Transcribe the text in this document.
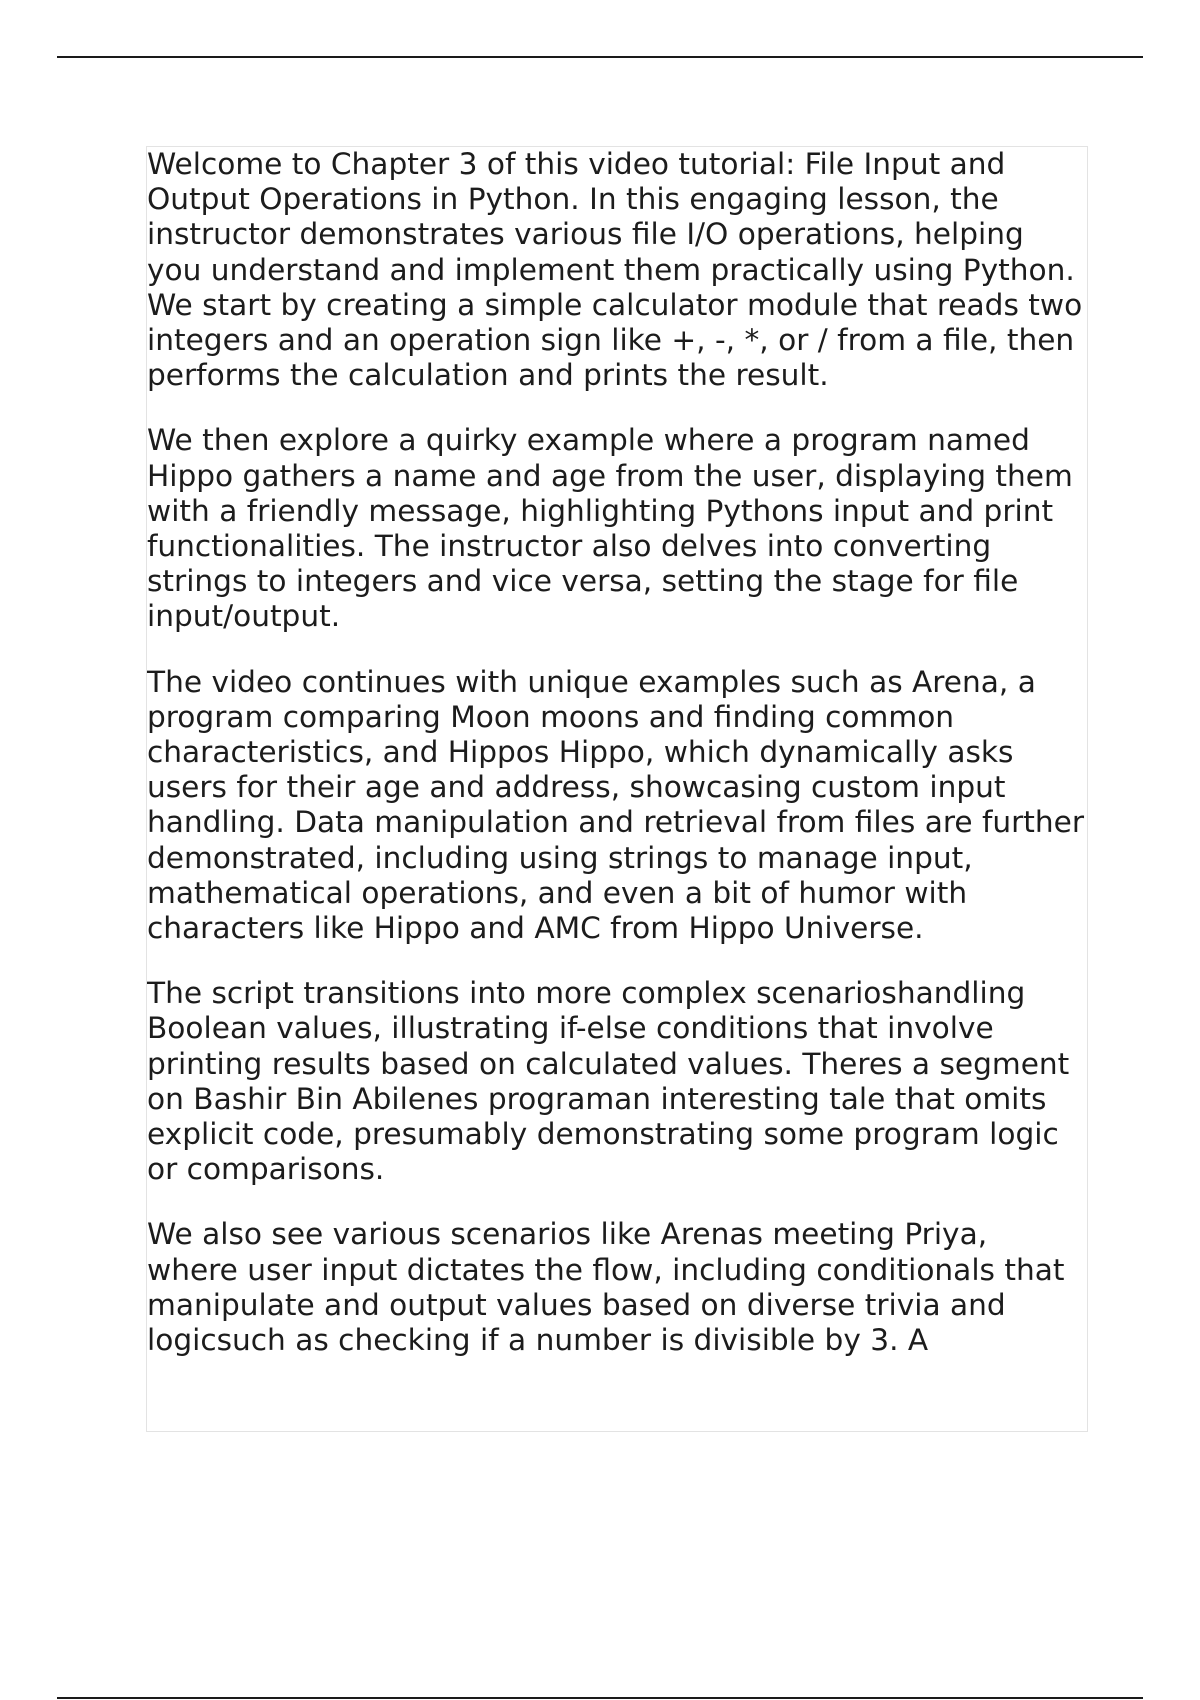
Welcome to Chapter 3 of this video tutorial: File Input and Output Operations in Python. In this engaging lesson, the instructor demonstrates various file I/O operations, helping you understand and implement them practically using Python. We start by creating a simple calculator module that reads two integers and an operation sign like +, -, *, or / from a file, then performs the calculation and prints the result.

We then explore a quirky example where a program named Hippo gathers a name and age from the user, displaying them with a friendly message, highlighting Pythons input and print functionalities. The instructor also delves into converting strings to integers and vice versa, setting the stage for file input/output.

The video continues with unique examples such as Arena, a program comparing Moon moons and finding common characteristics, and Hippos Hippo, which dynamically asks users for their age and address, showcasing custom input handling. Data manipulation and retrieval from files are further demonstrated, including using strings to manage input, mathematical operations, and even a bit of humor with characters like Hippo and AMC from Hippo Universe.

The script transitions into more complex scenarioshandling Boolean values, illustrating if-else conditions that involve printing results based on calculated values. Theres a segment on Bashir Bin Abilenes programan interesting tale that omits explicit code, presumably demonstrating some program logic or comparisons.

We also see various scenarios like Arenas meeting Priya, where user input dictates the flow, including conditionals that manipulate and output values based on diverse trivia and logicsuch as checking if a number is divisible by 3. A
